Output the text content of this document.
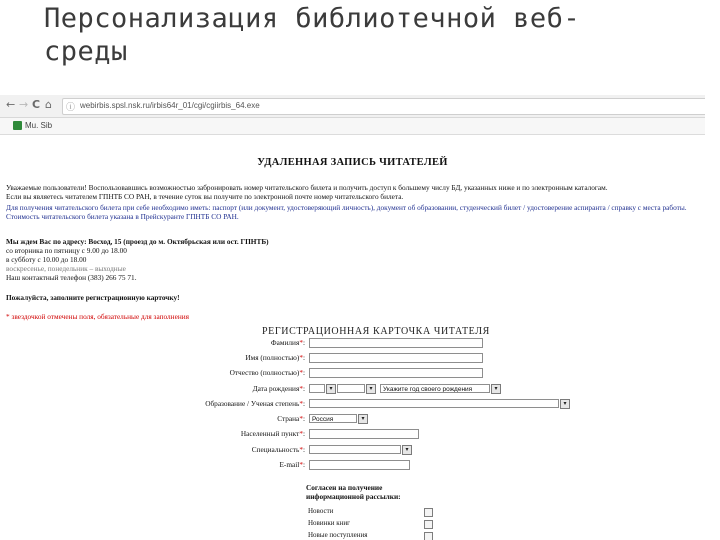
Персонализация библиотечной веб-
среды
← → C ⌂ ⓘ webirbis.spsl.nsk.ru/irbis64r_01/cgi/cgiirbis_64.exe
Mu. Sib
УДАЛЕННАЯ ЗАПИСЬ ЧИТАТЕЛЕЙ
Уважаемые пользователи! Воспользовавшись возможностью забронировать номер читательского билета и получить доступ к большему числу БД, указанных ниже и по электронным каталогам.
Если вы являетесь читателем ГПНТБ СО РАН, в течение суток вы получите по электронной почте номер читательского билета.
Для получения читательского билета при себе необходимо иметь: паспорт (или документ, удостоверяющий личность), документ об образовании, студенческий билет / удостоверение аспиранта / справку с места работы.
Стоимость читательского билета указана в Прейскуранте ГПНТБ СО РАН.
Мы ждем Вас по адресу: Восход, 15 (проезд до м. Октябрьская или ост. ГПНТБ)
со вторника по пятницу с 9.00 до 18.00
в субботу с 10.00 до 18.00
воскресенье, понедельник – выходные
Наш контактный телефон (383) 266 75 71.
Пожалуйста, заполните регистрационную карточку!
* звездочкой отмечены поля, обязательные для заполнения
РЕГИСТРАЦИОННАЯ КАРТОЧКА ЧИТАТЕЛЯ
Фамилия*:
Имя (полностью)*:
Отчество (полностью)*:
Дата рождения*:	▾	▾	Укажите год своего рождения	▾
Образование / Ученая степень*:	▾
Страна*:	Россия	▾
Населенный пункт*:
Специальность*:	▾
E-mail*:
Согласен на получение информационной рассылки:
Новости
Новинки книг
Новые поступления
